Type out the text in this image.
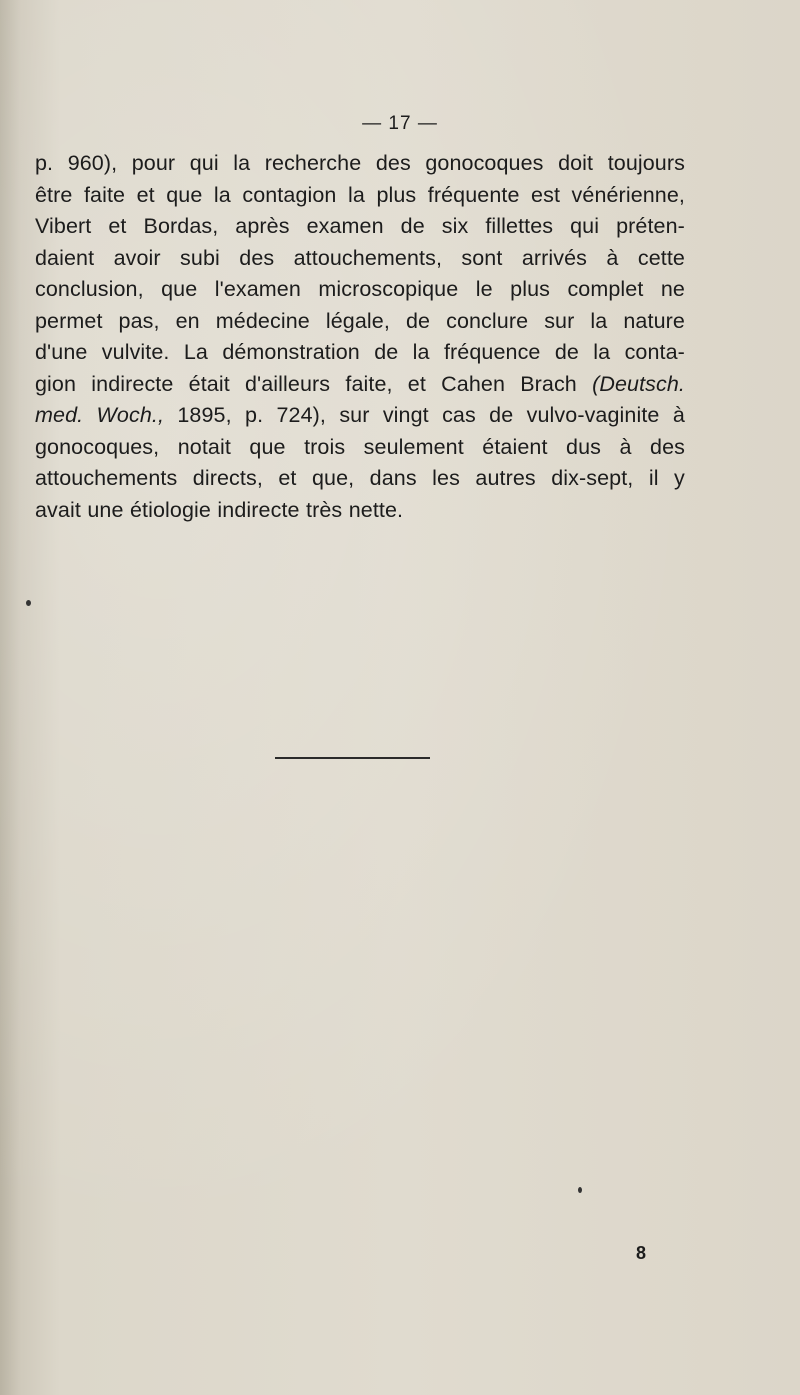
— 17 —
p. 960), pour qui la recherche des gonocoques doit toujours
être faite et que la contagion la plus fréquente est vénérienne,
Vibert et Bordas, après examen de six fillettes qui préten-
daient avoir subi des attouchements, sont arrivés à cette
conclusion, que l'examen microscopique le plus complet ne
permet pas, en médecine légale, de conclure sur la nature
d'une vulvite. La démonstration de la fréquence de la conta-
gion indirecte était d'ailleurs faite, et Cahen Brach (Deutsch.
med. Woch., 1895, p. 724), sur vingt cas de vulvo-vaginite à
gonocoques, notait que trois seulement étaient dus à des
attouchements directs, et que, dans les autres dix-sept, il y
avait une étiologie indirecte très nette.
8
